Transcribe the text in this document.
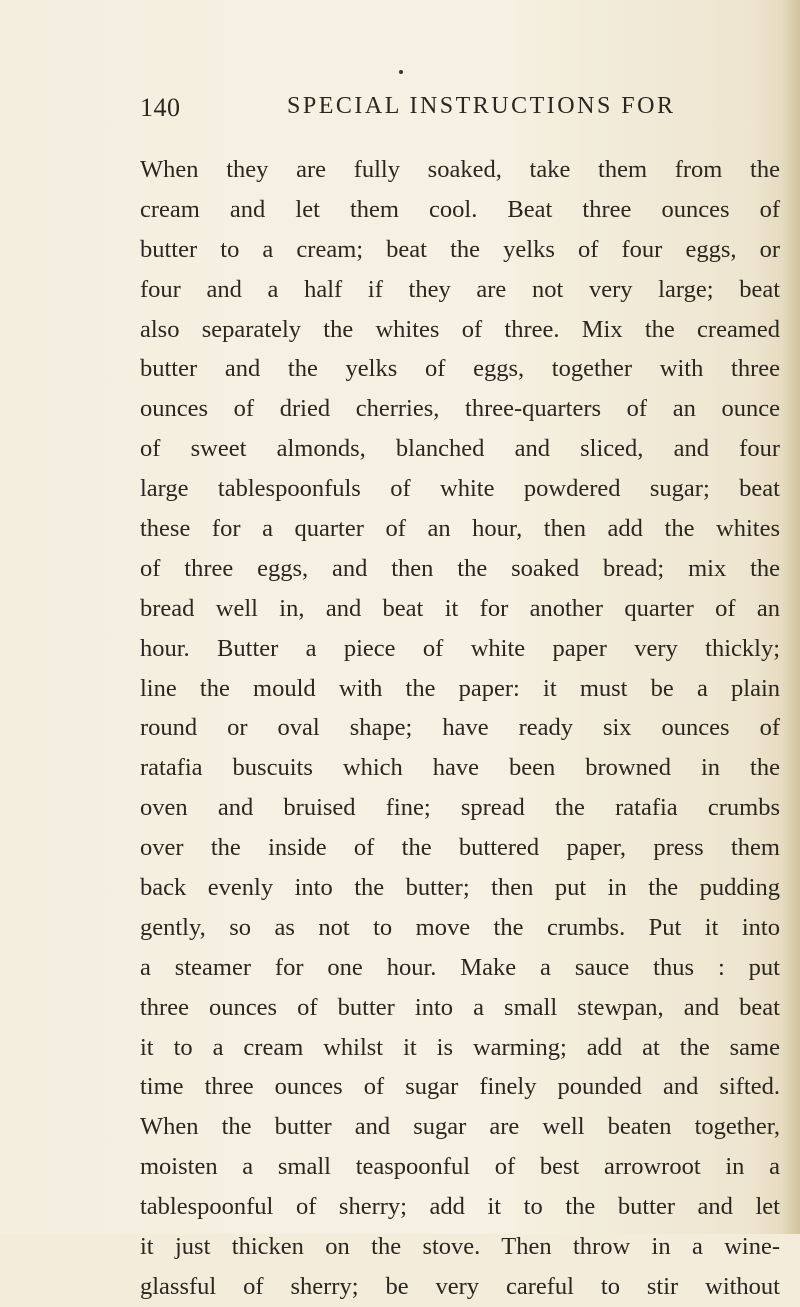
140	SPECIAL INSTRUCTIONS FOR
When they are fully soaked, take them from the
cream and let them cool. Beat three ounces of
butter to a cream; beat the yelks of four eggs, or
four and a half if they are not very large; beat
also separately the whites of three. Mix the creamed
butter and the yelks of eggs, together with three
ounces of dried cherries, three-quarters of an ounce
of sweet almonds, blanched and sliced, and four
large tablespoonfuls of white powdered sugar; beat
these for a quarter of an hour, then add the whites
of three eggs, and then the soaked bread; mix the
bread well in, and beat it for another quarter of an
hour. Butter a piece of white paper very thickly;
line the mould with the paper: it must be a plain
round or oval shape; have ready six ounces of
ratafia buscuits which have been browned in the
oven and bruised fine; spread the ratafia crumbs
over the inside of the buttered paper, press them
back evenly into the butter; then put in the pudding
gently, so as not to move the crumbs. Put it into
a steamer for one hour. Make a sauce thus : put
three ounces of butter into a small stewpan, and beat
it to a cream whilst it is warming; add at the same
time three ounces of sugar finely pounded and sifted.
When the butter and sugar are well beaten together,
moisten a small teaspoonful of best arrowroot in a
tablespoonful of sherry; add it to the butter and let
it just thicken on the stove. Then throw in a wine-
glassful of sherry; be very careful to stir without
